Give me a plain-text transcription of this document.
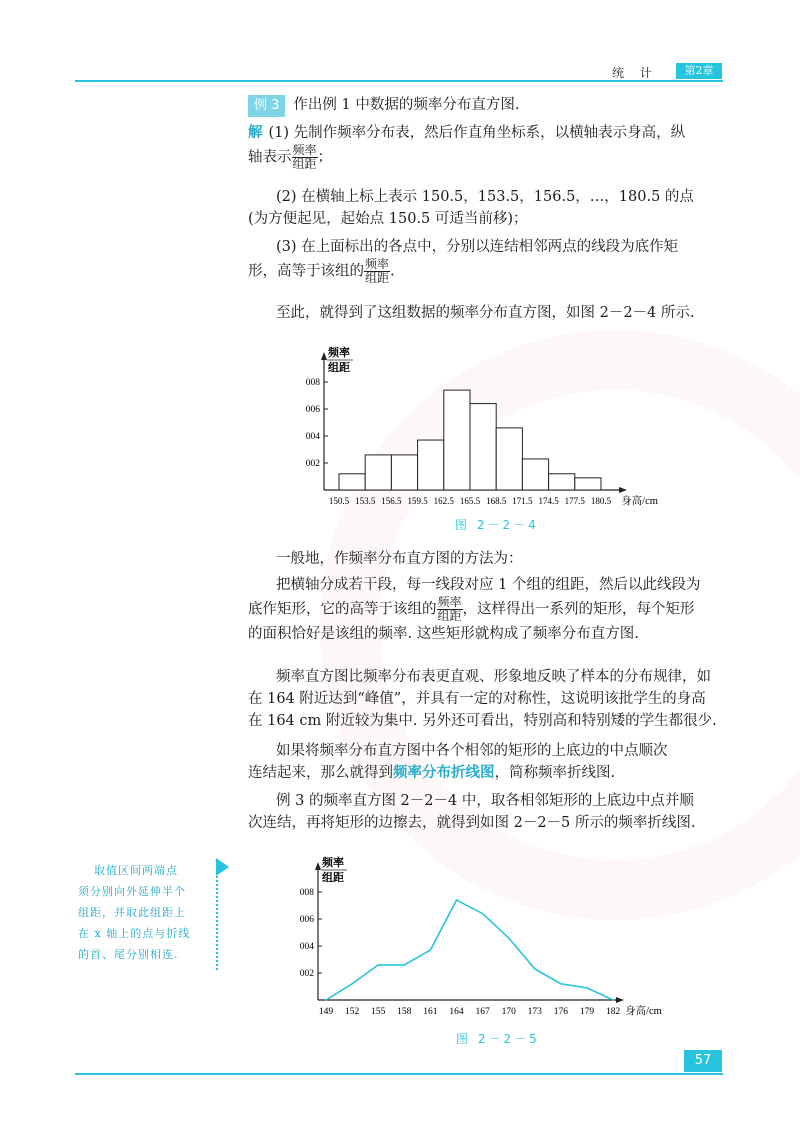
统 计	第2章

例 3 作出例 1 中数据的频率分布直方图.

解 (1) 先制作频率分布表，然后作直角坐标系，以横轴表示身高，纵
轴表示 $\frac{\text{频率}}{\text{组距}}$ ；

(2) 在横轴上标上表示 150.5，153.5，156.5，…，180.5 的点
(为方便起见，起始点 150.5 可适当前移)；

(3) 在上面标出的各点中，分别以连结相邻两点的线段为底作矩
形，高等于该组的 $\frac{\text{频率}}{\text{组距}}$ .

至此，就得到了这组数据的频率分布直方图，如图 2－2－4 所示.

频率
组距
002
004
006
008
150.5 153.5 156.5 159.5 162.5 165.5 168.5 171.5 174.5 177.5 180.5 身高/cm
图 2－2－4

一般地，作频率分布直方图的方法为：

把横轴分成若干段，每一线段对应 1 个组的组距，然后以此线段为
底作矩形，它的高等于该组的 $\frac{\text{频率}}{\text{组距}}$ ，这样得出一系列的矩形，每个矩形
的面积恰好是该组的频率. 这些矩形就构成了频率分布直方图.

频率直方图比频率分布表更直观、形象地反映了样本的分布规律，如
在 164 附近达到“峰值”，并具有一定的对称性，这说明该批学生的身高
在 164 cm 附近较为集中. 另外还可看出，特别高和特别矮的学生都很少.

如果将频率分布直方图中各个相邻的矩形的上底边的中点顺次
连结起来，那么就得到频率分布折线图，简称频率折线图.

例 3 的频率直方图 2－2－4 中，取各相邻矩形的上底边中点并顺
次连结，再将矩形的边擦去，就得到如图 2－2－5 所示的频率折线图.

取值区间两端点
须分别向外延伸半个
组距，并取此组距上
在 x 轴上的点与折线
的首、尾分别相连.
频率
组距
002
004
006
008
149 152 155 158 161 164 167 170 173 176 179 182 身高/cm
图 2－2－5
57
